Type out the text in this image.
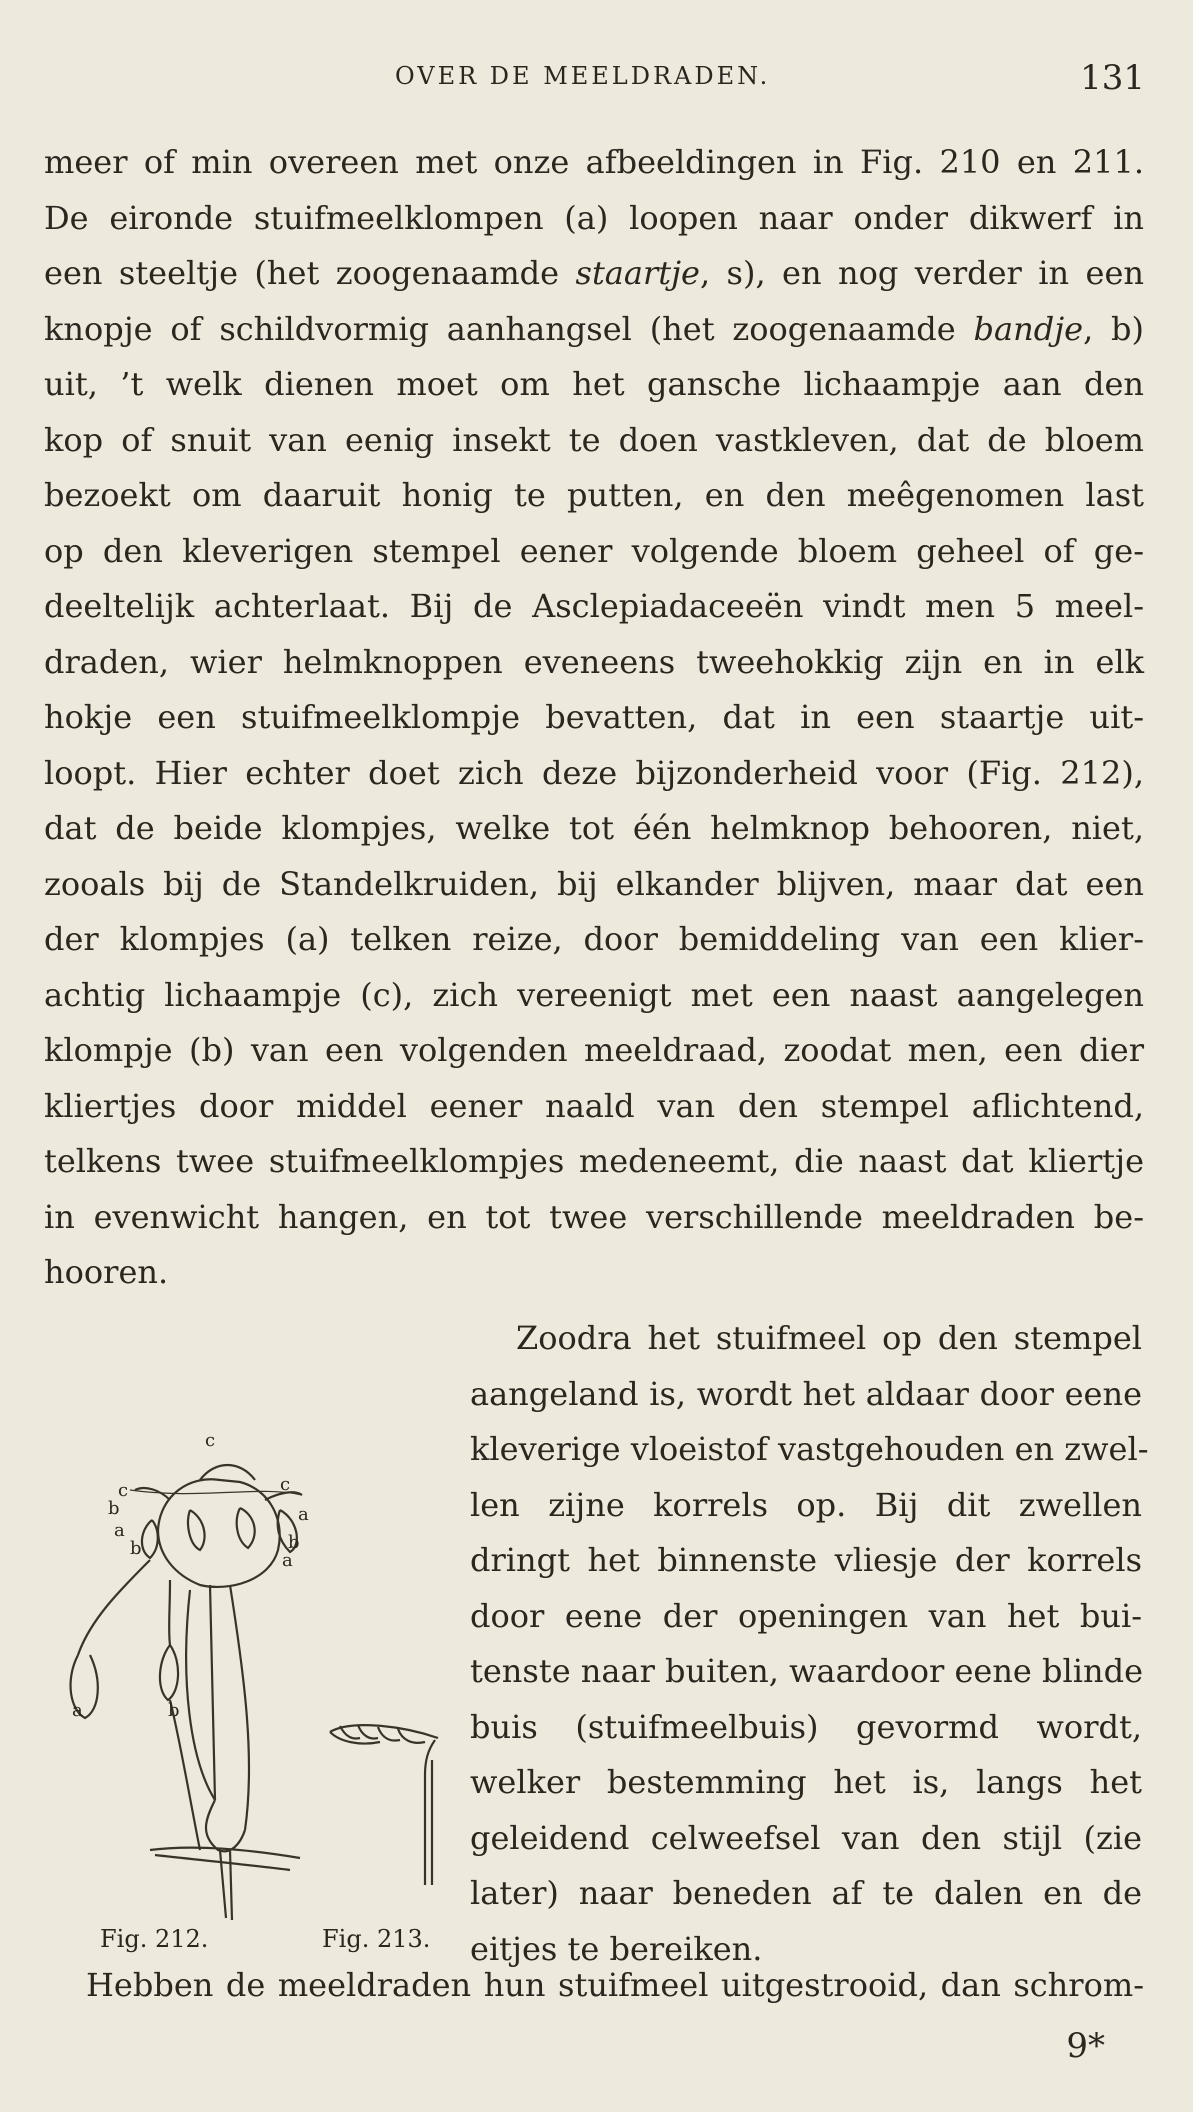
OVER DE MEELDRADEN.	131
meer of min overeen met onze afbeeldingen in Fig. 210 en 211.
De eironde stuifmeelklompen (a) loopen naar onder dikwerf in
een steeltje (het zoogenaamde staartje, s), en nog verder in een
knopje of schildvormig aanhangsel (het zoogenaamde bandje, b)
uit, ’t welk dienen moet om het gansche lichaampje aan den
kop of snuit van eenig insekt te doen vastkleven, dat de bloem
bezoekt om daaruit honig te putten, en den meêgenomen last
op den kleverigen stempel eener volgende bloem geheel of ge-
deeltelijk achterlaat. Bij de Asclepiadaceeën vindt men 5 meel-
draden, wier helmknoppen eveneens tweehokkig zijn en in elk
hokje een stuifmeelklompje bevatten, dat in een staartje uit-
loopt. Hier echter doet zich deze bijzonderheid voor (Fig. 212),
dat de beide klompjes, welke tot één helmknop behooren, niet,
zooals bij de Standelkruiden, bij elkander blijven, maar dat een
der klompjes (a) telken reize, door bemiddeling van een klier-
achtig lichaampje (c), zich vereenigt met een naast aangelegen
klompje (b) van een volgenden meeldraad, zoodat men, een dier
kliertjes door middel eener naald van den stempel aflichtend,
telkens twee stuifmeelklompjes medeneemt, die naast dat kliertje
in evenwicht hangen, en tot twee verschillende meeldraden be-
hooren.
Zoodra het stuifmeel op den stempel
aangeland is, wordt het aldaar door eene
kleverige vloeistof vastgehouden en zwel-
len zijne korrels op. Bij dit zwellen
dringt het binnenste vliesje der korrels
door eene der openingen van het bui-
tenste naar buiten, waardoor eene blinde
buis (stuifmeelbuis) gevormd wordt,
welker bestemming het is, langs het
geleidend celweefsel van den stijl (zie
later) naar beneden af te dalen en de
eitjes te bereiken.
c
c	c
b
a
b
a
b
a
a	b
Fig. 212.	Fig. 213.
Hebben de meeldraden hun stuifmeel uitgestrooid, dan schrom-
9*
